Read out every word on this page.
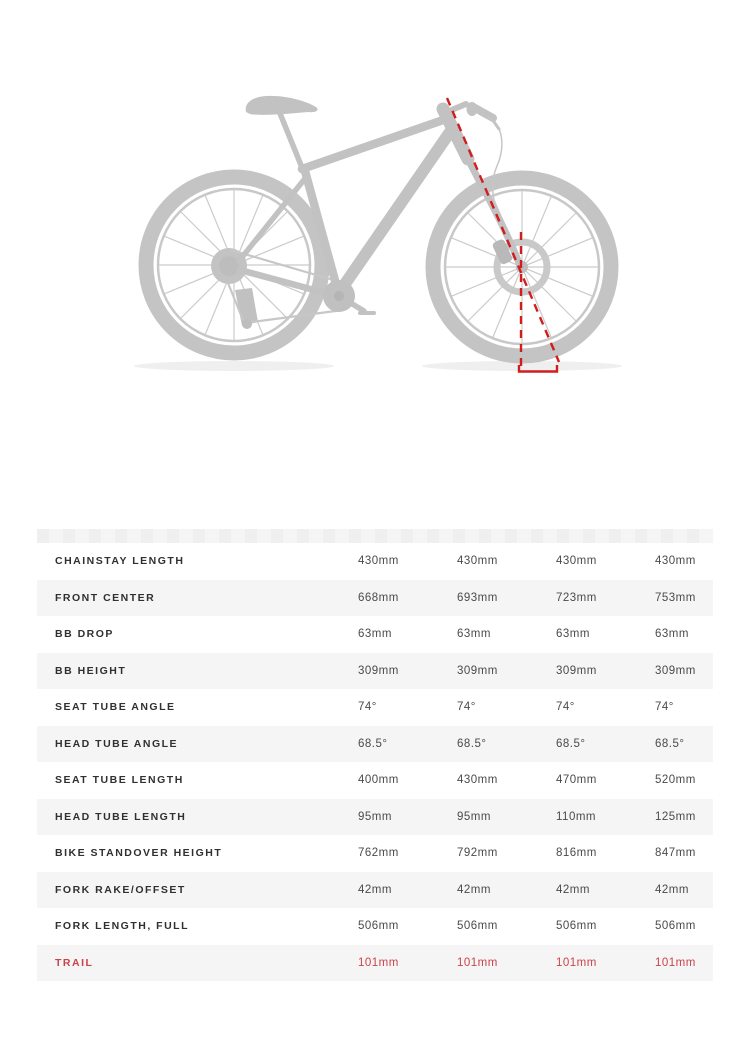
CHAINSTAY LENGTH	430mm	430mm	430mm	430mm
FRONT CENTER	668mm	693mm	723mm	753mm
BB DROP	63mm	63mm	63mm	63mm
BB HEIGHT	309mm	309mm	309mm	309mm
SEAT TUBE ANGLE	74°	74°	74°	74°
HEAD TUBE ANGLE	68.5°	68.5°	68.5°	68.5°
SEAT TUBE LENGTH	400mm	430mm	470mm	520mm
HEAD TUBE LENGTH	95mm	95mm	110mm	125mm
BIKE STANDOVER HEIGHT	762mm	792mm	816mm	847mm
FORK RAKE/OFFSET	42mm	42mm	42mm	42mm
FORK LENGTH, FULL	506mm	506mm	506mm	506mm
TRAIL	101mm	101mm	101mm	101mm
